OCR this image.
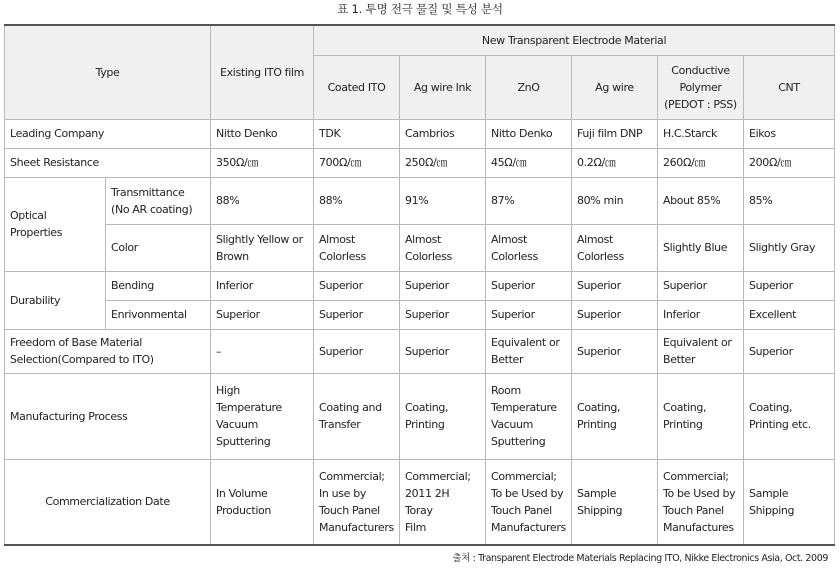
표 1. 투명 전극 물질 및 특성 분석
Type		Existing ITO film	New Transparent Electrode Material					
			Coated ITO	Ag wire Ink	ZnO	Ag wire	Conductive
Polymer
(PEDOT : PSS)	CNT
Leading Company		Nitto Denko	TDK	Cambrios	Nitto Denko	Fuji film DNP	H.C.Starck	Eikos
Sheet Resistance		350Ω/㎝	700Ω/㎝	250Ω/㎝	45Ω/㎝	0.2Ω/㎝	260Ω/㎝	200Ω/㎝
Optical Properties	Transmittance
(No AR coating)	88%	88%	91%	87%	80% min	About 85%	85%
	Color	Slightly Yellow or
Brown	Almost
Colorless	Almost
Colorless	Almost
Colorless	Almost
Colorless	Slightly Blue	Slightly Gray
Durability	Bending	Inferior	Superior	Superior	Superior	Superior	Superior	Superior
	Enrivonmental	Superior	Superior	Superior	Superior	Superior	Inferior	Excellent
Freedom of Base Material
Selection(Compared to ITO)		–	Superior	Superior	Equivalent or
Better	Superior	Equivalent or
Better	Superior
Manufacturing Process		High Temperature
Vacuum
Sputtering	Coating and
Transfer	Coating,
Printing	Room
Temperature
Vacuum
Sputtering	Coating,
Printing	Coating,
Printing	Coating,
Printing etc.
Commercialization Date		In Volume
Production	Commercial;
In use by
Touch Panel
Manufacturers	Commercial;
2011 2H Toray
Film	Commercial;
To be Used by
Touch Panel
Manufacturers	Sample
Shipping	Commercial;
To be Used by
Touch Panel
Manufactures	Sample
Shipping
출처 : Transparent Electrode Materials Replacing ITO, Nikke Electronics Asia, Oct. 2009
